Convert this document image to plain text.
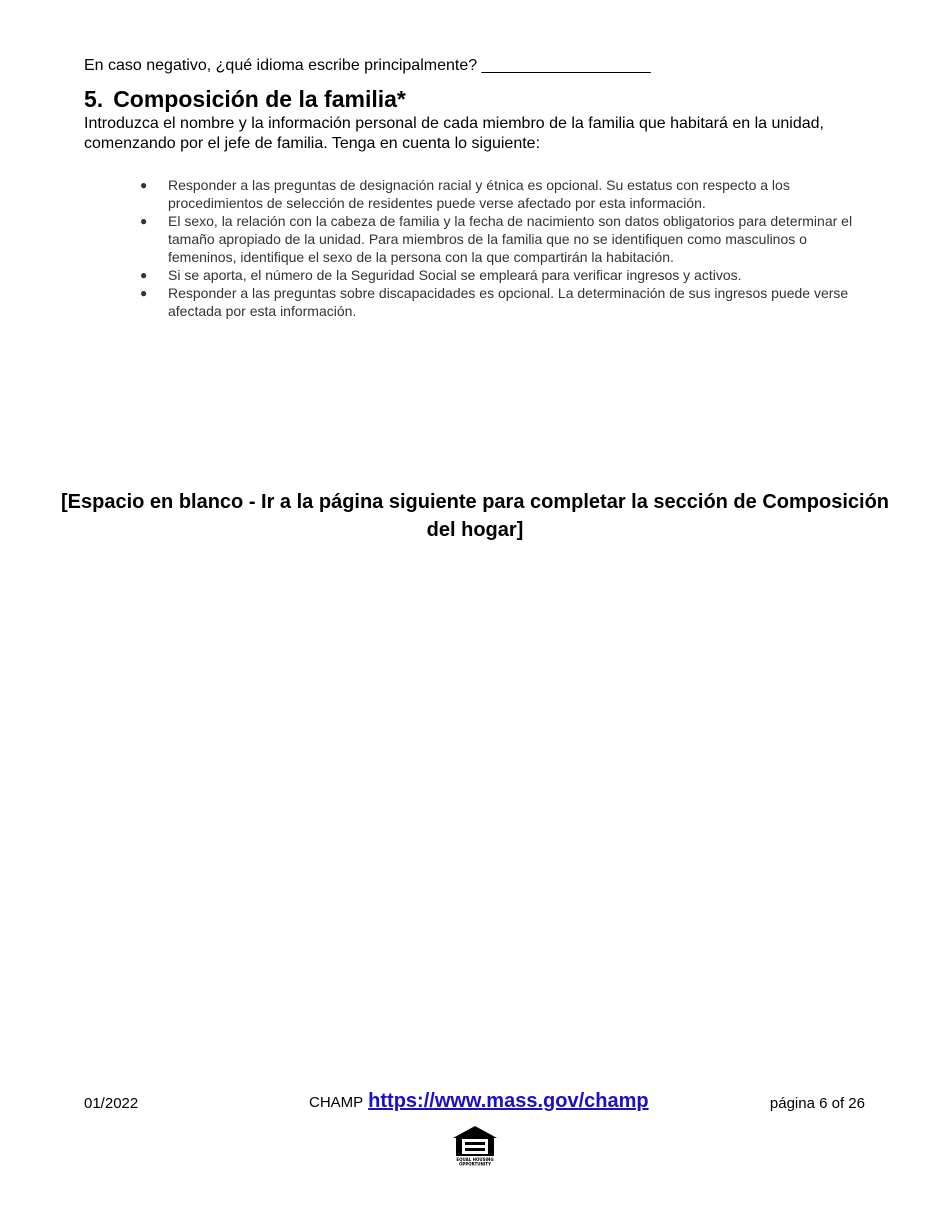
En caso negativo, ¿qué idioma escribe principalmente? ___________________
5. Composición de la familia*
Introduzca el nombre y la información personal de cada miembro de la familia que habitará en la unidad, comenzando por el jefe de familia. Tenga en cuenta lo siguiente:
● Responder a las preguntas de designación racial y étnica es opcional. Su estatus con respecto a los procedimientos de selección de residentes puede verse afectado por esta información.
● El sexo, la relación con la cabeza de familia y la fecha de nacimiento son datos obligatorios para determinar el tamaño apropiado de la unidad. Para miembros de la familia que no se identifiquen como masculinos o femeninos, identifique el sexo de la persona con la que compartirán la habitación.
● Si se aporta, el número de la Seguridad Social se empleará para verificar ingresos y activos.
● Responder a las preguntas sobre discapacidades es opcional. La determinación de sus ingresos puede verse afectada por esta información.
[Espacio en blanco - Ir a la página siguiente para completar la sección de Composición del hogar]
01/2022	CHAMP https://www.mass.gov/champ	página 6 of 26
EQUAL HOUSING
OPPORTUNITY
